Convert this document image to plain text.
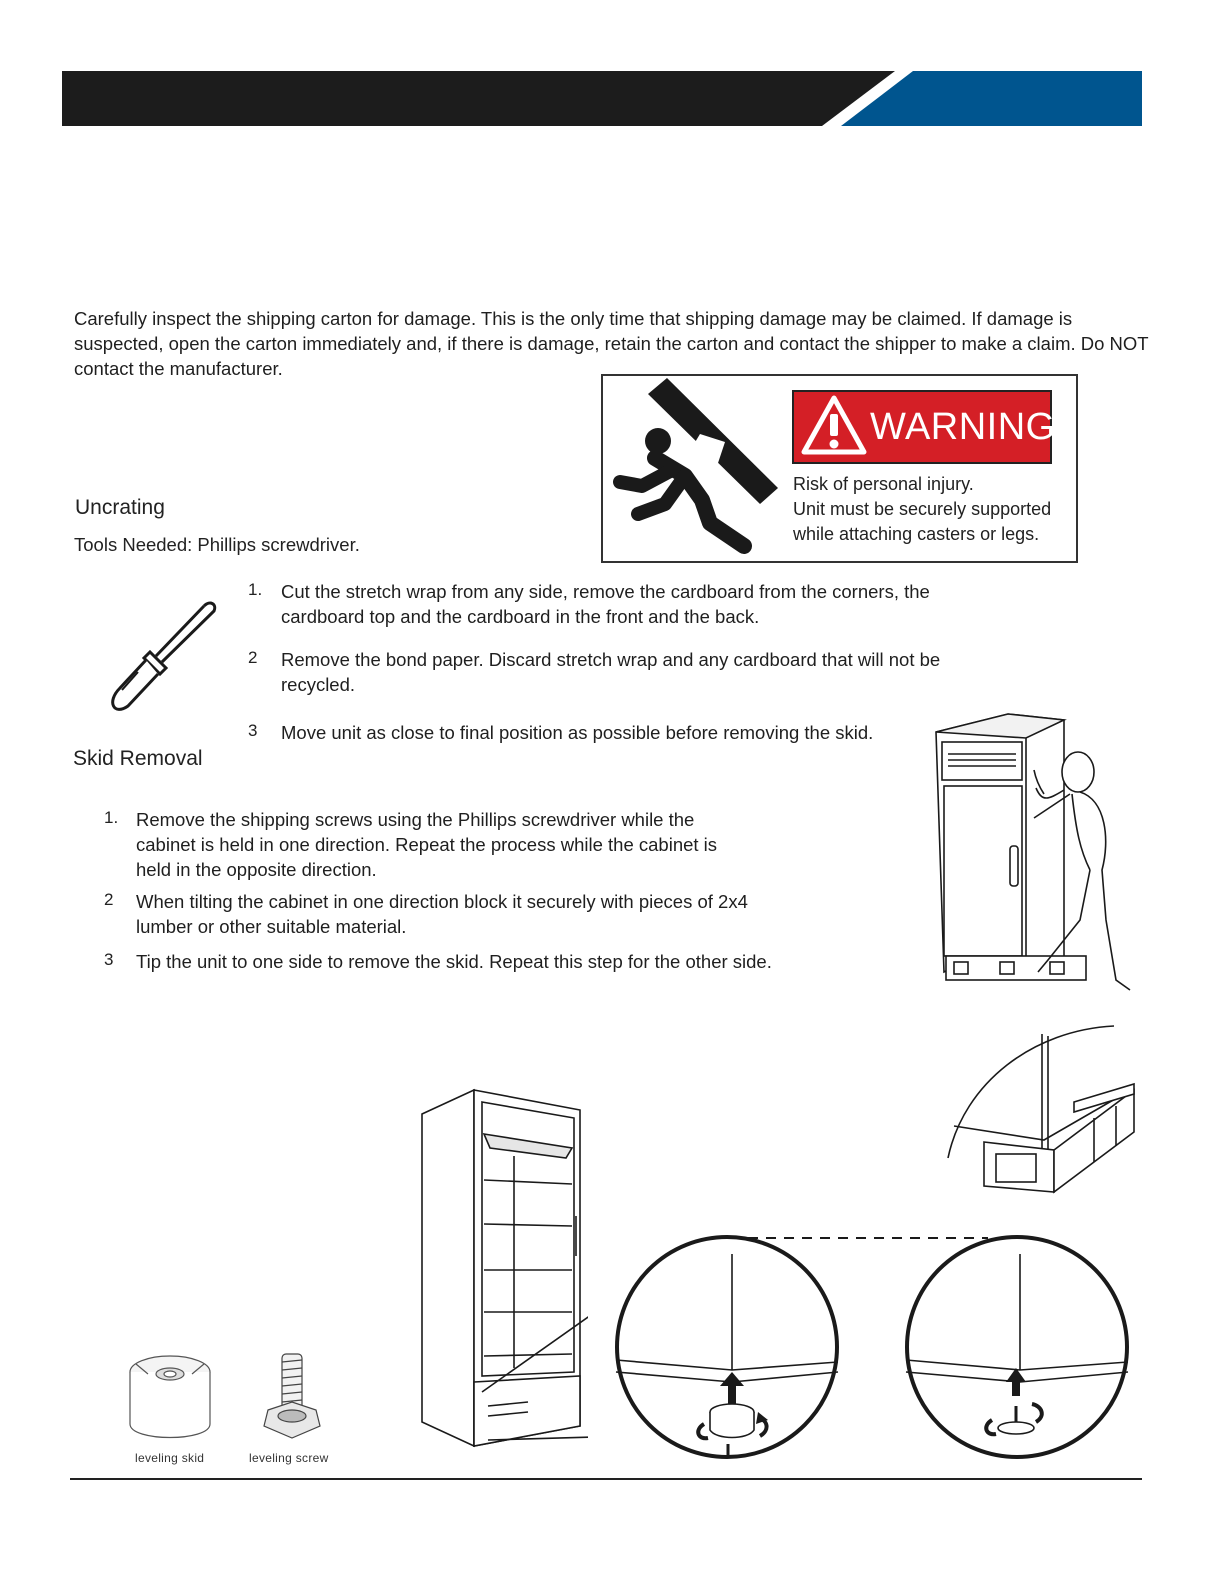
Carefully inspect the shipping carton for damage. This is the only time that shipping damage may be claimed. If damage is suspected, open the carton immediately and, if there is damage, retain the carton and contact the shipper to make a claim. Do NOT contact the manufacturer.
WARNING
Risk of personal injury.
Unit must be securely supported
while attaching casters or legs.
Uncrating
Tools Needed: Phillips screwdriver.
1. Cut the stretch wrap from any side, remove the cardboard from the corners, the cardboard top and the cardboard in the front and the back.
2 Remove the bond paper. Discard stretch wrap and any cardboard that will not be recycled.
3 Move unit as close to final position as possible before removing the skid.
Skid Removal
1. Remove the shipping screws using the Phillips screwdriver while the cabinet is held in one direction. Repeat the process while the cabinet is held in the opposite direction.
2 When tilting the cabinet in one direction block it securely with pieces of 2x4 lumber or other suitable material.
3 Tip the unit to one side to remove the skid. Repeat this step for the other side.
leveling skid	leveling screw
